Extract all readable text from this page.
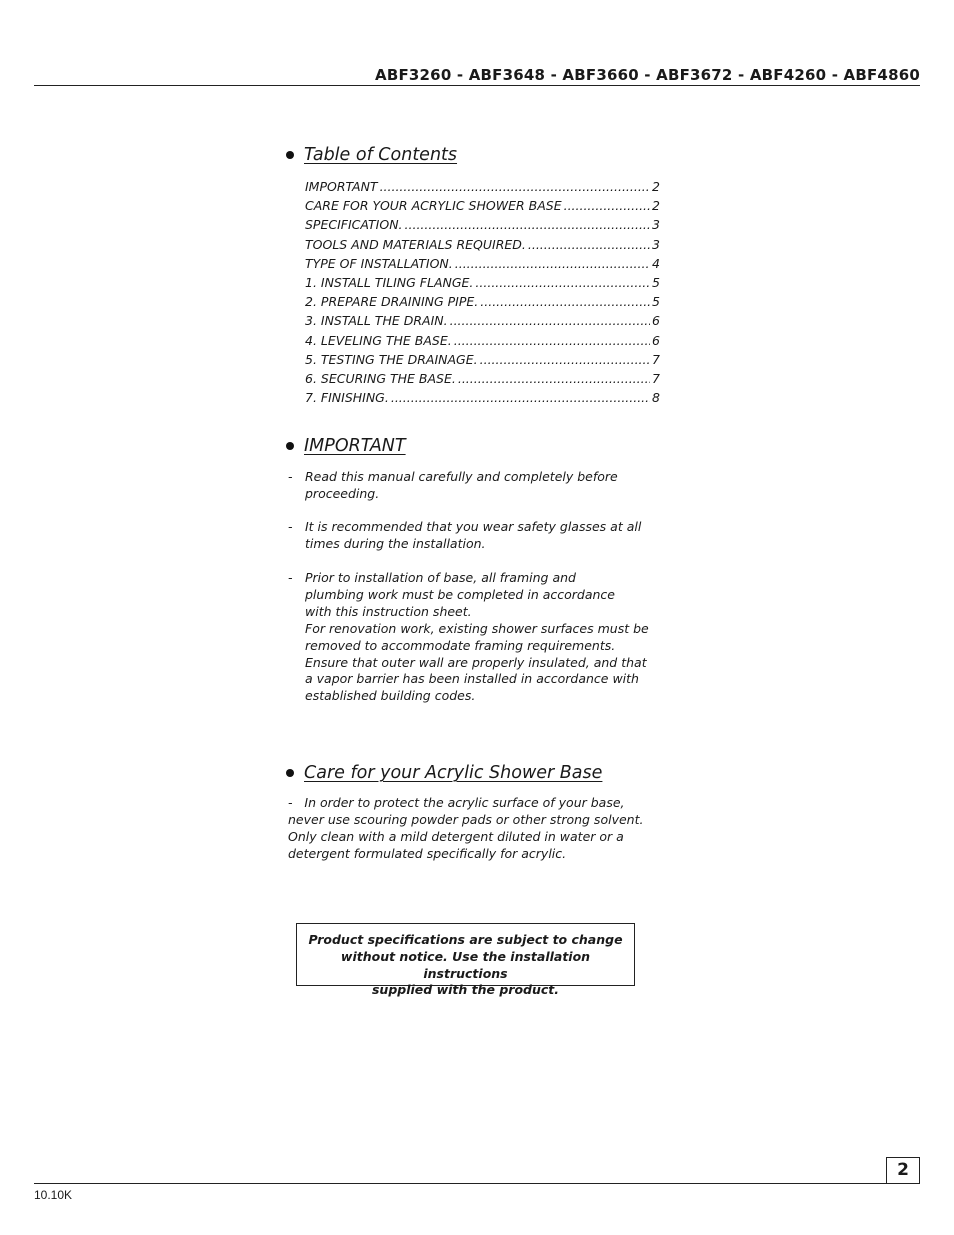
ABF3260 - ABF3648 - ABF3660 - ABF3672 - ABF4260 - ABF4860
Table of Contents
IMPORTANT .....	2
CARE FOR YOUR ACRYLIC SHOWER BASE .....	2
SPECIFICATION. .....	3
TOOLS AND MATERIALS REQUIRED. .....	3
TYPE OF INSTALLATION. .....	4
1. INSTALL TILING FLANGE. .....	5
2. PREPARE DRAINING PIPE. .....	5
3. INSTALL THE DRAIN. .....	6
4. LEVELING THE BASE. .....	6
5. TESTING THE DRAINAGE. .....	7
6. SECURING THE BASE. .....	7
7. FINISHING. .....	8
IMPORTANT
- Read this manual carefully and completely before

proceeding.

- It is recommended that you wear safety glasses at all

times during the installation.

- Prior to installation of base, all framing and

plumbing work must be completed in accordance

with this instruction sheet.

For renovation work, existing shower surfaces must be

removed to accommodate framing requirements.

Ensure that outer wall are properly insulated, and that

a vapor barrier has been installed in accordance with

established building codes.

Care for your Acrylic Shower Base
-   In order to protect the acrylic surface of your base,
never use scouring powder pads or other strong solvent.
Only clean with a mild detergent diluted in water or a
detergent formulated specifically for acrylic.

Product specifications are subject to change

without notice. Use the installation instructions

supplied with the product.

2
10.10K
